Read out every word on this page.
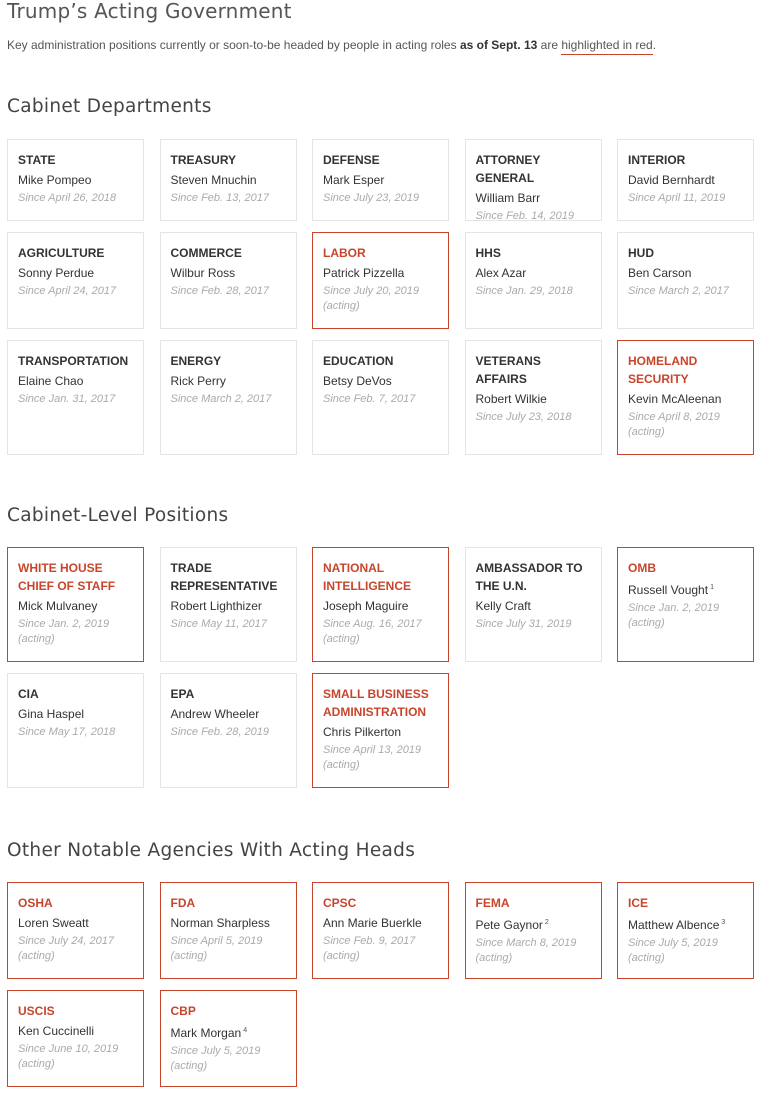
Trump’s Acting Government

Key administration positions currently or soon-to-be headed by people in acting roles as of Sept. 13 are highlighted in red.

Cabinet Departments
STATE
Mike Pompeo
Since April 26, 2018
TREASURY
Steven Mnuchin
Since Feb. 13, 2017
DEFENSE
Mark Esper
Since July 23, 2019
ATTORNEY GENERAL
William Barr
Since Feb. 14, 2019
INTERIOR
David Bernhardt
Since April 11, 2019
AGRICULTURE
Sonny Perdue
Since April 24, 2017
COMMERCE
Wilbur Ross
Since Feb. 28, 2017
LABOR
Patrick Pizzella
Since July 20, 2019
(acting)
HHS
Alex Azar
Since Jan. 29, 2018
HUD
Ben Carson
Since March 2, 2017
TRANSPORTATION
Elaine Chao
Since Jan. 31, 2017
ENERGY
Rick Perry
Since March 2, 2017
EDUCATION
Betsy DeVos
Since Feb. 7, 2017
VETERANS AFFAIRS
Robert Wilkie
Since July 23, 2018
HOMELAND SECURITY
Kevin McAleenan
Since April 8, 2019
(acting)
Cabinet-Level Positions
WHITE HOUSE CHIEF OF STAFF
Mick Mulvaney
Since Jan. 2, 2019
(acting)
TRADE REPRESENTATIVE
Robert Lighthizer
Since May 11, 2017
NATIONAL INTELLIGENCE
Joseph Maguire
Since Aug. 16, 2017
(acting)
AMBASSADOR TO THE U.N.
Kelly Craft
Since July 31, 2019
OMB
Russell Vought $^1$
Since Jan. 2, 2019
(acting)
CIA
Gina Haspel
Since May 17, 2018
EPA
Andrew Wheeler
Since Feb. 28, 2019
SMALL BUSINESS ADMINISTRATION
Chris Pilkerton
Since April 13, 2019
(acting)
Other Notable Agencies With Acting Heads
OSHA
Loren Sweatt
Since July 24, 2017
(acting)
FDA
Norman Sharpless
Since April 5, 2019
(acting)
CPSC
Ann Marie Buerkle
Since Feb. 9, 2017
(acting)
FEMA
Pete Gaynor $^2$
Since March 8, 2019
(acting)
ICE
Matthew Albence $^3$
Since July 5, 2019
(acting)
USCIS
Ken Cuccinelli
Since June 10, 2019
(acting)
CBP
Mark Morgan $^4$
Since July 5, 2019
(acting)
